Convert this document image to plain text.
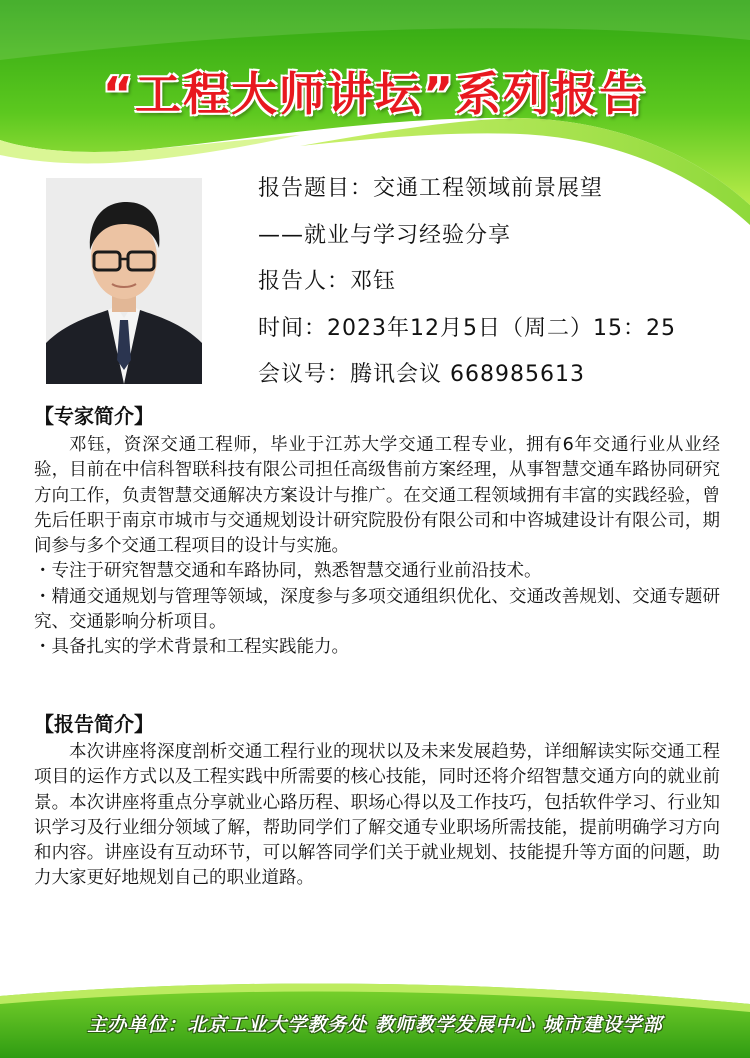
“工程大师讲坛”系列报告
报告题目：交通工程领域前景展望
——就业与学习经验分享
报告人：邓钰
时间：2023年12月5日（周二）15：25
会议号：腾讯会议 668985613
【专家简介】

邓钰，资深交通工程师，毕业于江苏大学交通工程专业，拥有6年交通行业从业经验，目前在中信科智联科技有限公司担任高级售前方案经理，从事智慧交通车路协同研究方向工作，负责智慧交通解决方案设计与推广。在交通工程领域拥有丰富的实践经验，曾先后任职于南京市城市与交通规划设计研究院股份有限公司和中咨城建设计有限公司，期间参与多个交通工程项目的设计与实施。

・专注于研究智慧交通和车路协同，熟悉智慧交通行业前沿技术。

・精通交通规划与管理等领域，深度参与多项交通组织优化、交通改善规划、交通专题研究、交通影响分析项目。

・具备扎实的学术背景和工程实践能力。

【报告简介】

本次讲座将深度剖析交通工程行业的现状以及未来发展趋势，详细解读实际交通工程项目的运作方式以及工程实践中所需要的核心技能，同时还将介绍智慧交通方向的就业前景。本次讲座将重点分享就业心路历程、职场心得以及工作技巧，包括软件学习、行业知识学习及行业细分领域了解，帮助同学们了解交通专业职场所需技能，提前明确学习方向和内容。讲座设有互动环节，可以解答同学们关于就业规划、技能提升等方面的问题，助力大家更好地规划自己的职业道路。

主办单位：北京工业大学教务处 教师教学发展中心 城市建设学部
